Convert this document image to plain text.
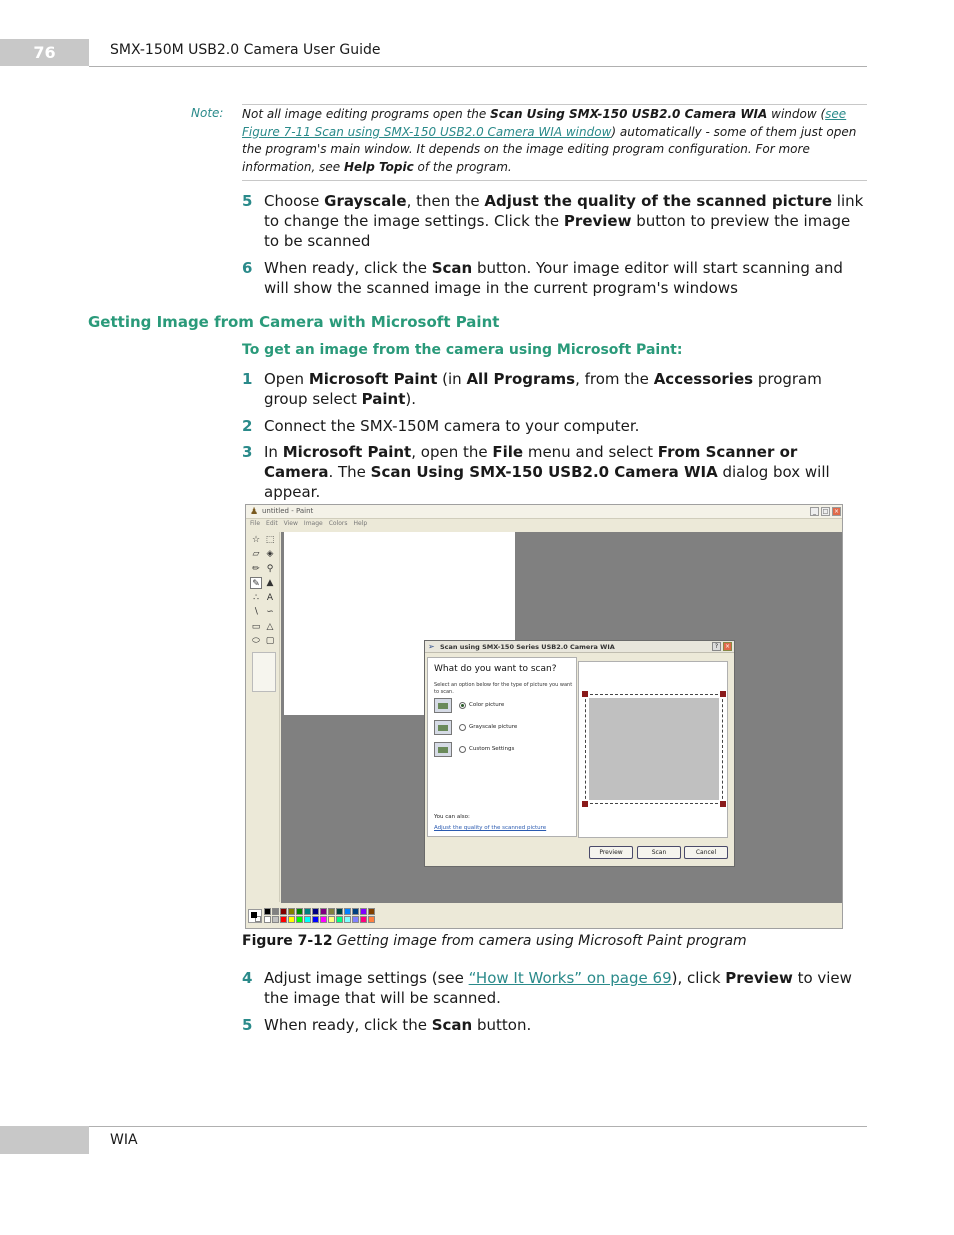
76	SMX-150M USB2.0 Camera User Guide
Note: Not all image editing programs open the Scan Using SMX-150 USB2.0 Camera WIA window (see Figure 7-11 Scan using SMX-150 USB2.0 Camera WIA window) automatically - some of them just open the program's main window. It depends on the image editing program configuration. For more information, see Help Topic of the program.
5 Choose Grayscale, then the Adjust the quality of the scanned picture link to change the image settings. Click the Preview button to preview the image to be scanned
6 When ready, click the Scan button. Your image editor will start scanning and will show the scanned image in the current program's windows
Getting Image from Camera with Microsoft Paint
To get an image from the camera using Microsoft Paint:
1 Open Microsoft Paint (in All Programs, from the Accessories program group select Paint).
2 Connect the SMX-150M camera to your computer.
3 In Microsoft Paint, open the File menu and select From Scanner or Camera. The Scan Using SMX-150 USB2.0 Camera WIA dialog box will appear.
♟ untitled - Paint	_	□ ×
File Edit View Image Colors Help
☆ ⬚
▱ ◈
✏ ⚲
✎ ▲
∴ A
∖ ∽
▭ △
⬭ ▢
➢ Scan using SMX-150 Series USB2.0 Camera WIA	?	×
What do you want to scan?
Select an option below for the type of picture you want to scan.
Color picture
Grayscale picture
Custom Settings
You can also:
Adjust the quality of the scanned picture
Preview	Scan	Cancel
Figure 7-12 Getting image from camera using Microsoft Paint program
4 Adjust image settings (see “How It Works” on page 69), click Preview to view the image that will be scanned.
5 When ready, click the Scan button.
WIA
